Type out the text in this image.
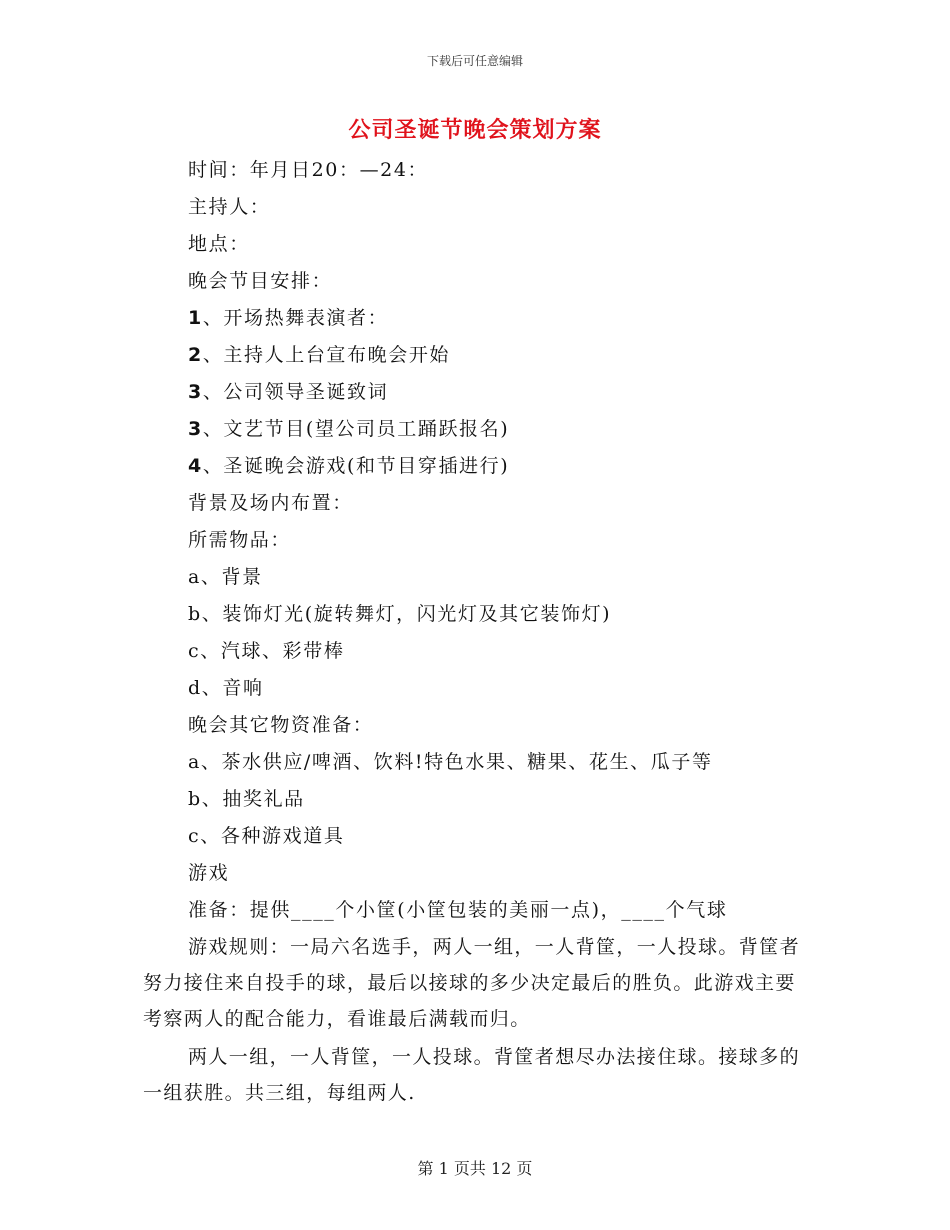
下载后可任意编辑
公司圣诞节晚会策划方案
时间：年月日20：—24：
主持人：
地点：
晚会节目安排：
1、开场热舞表演者：
2、主持人上台宣布晚会开始
3、公司领导圣诞致词
3、文艺节目(望公司员工踊跃报名)
4、圣诞晚会游戏(和节目穿插进行)
背景及场内布置：
所需物品：
a、背景
b、装饰灯光(旋转舞灯，闪光灯及其它装饰灯)
c、汽球、彩带棒
d、音响
晚会其它物资准备：
a、茶水供应/啤酒、饮料!特色水果、糖果、花生、瓜子等
b、抽奖礼品
c、各种游戏道具
游戏
准备：提供____个小筐(小筐包装的美丽一点)，____个气球

游戏规则：一局六名选手，两人一组，一人背筐，一人投球。背筐者努力接住来自投手的球，最后以接球的多少决定最后的胜负。此游戏主要考察两人的配合能力，看谁最后满载而归。

两人一组，一人背筐，一人投球。背筐者想尽办法接住球。接球多的一组获胜。共三组，每组两人.

第 1 页共 12 页
